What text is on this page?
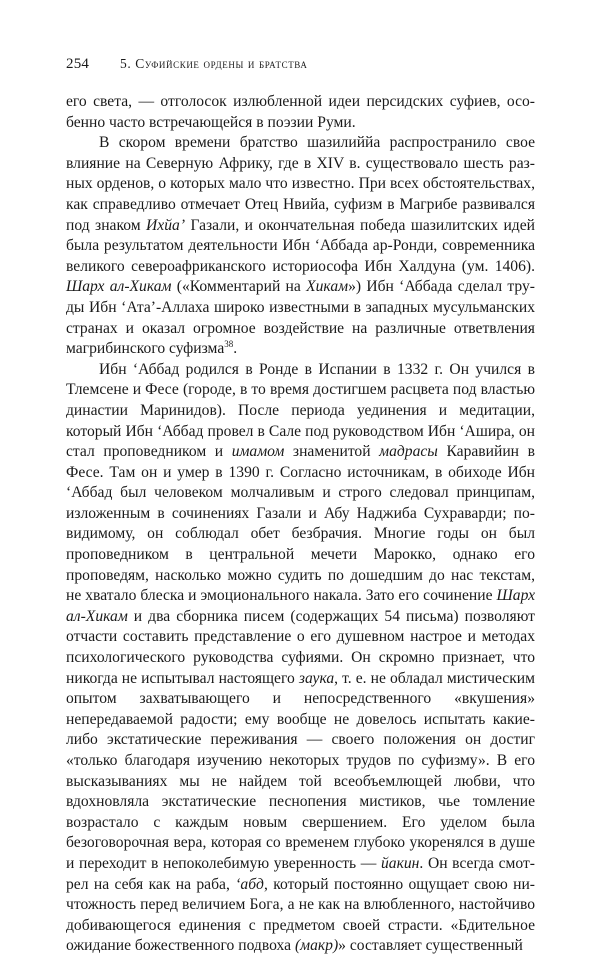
254 5. Суфийские ордены и братства

его света, — отголосок излюбленной идеи персидских суфиев, особенно часто встречающейся в поэзии Руми.

В скором времени братство шазилиййа распространило свое влияние на Северную Африку, где в XIV в. существовало шесть разных орденов, о которых мало что известно. При всех обстоятельствах, как справедливо отмечает Отец Нвийа, суфизм в Магрибе развивался под знаком Ихйа’ Газали, и окончательная победа шазилитских идей была результатом деятельности Ибн ‘Аббада ар-Ронди, современника великого североафриканского историософа Ибн Халдуна (ум. 1406). Шарх ал-Хикам («Комментарий на Хикам») Ибн ‘Аббада сделал труды Ибн ‘Ата’-Аллаха широко известными в западных мусульманских странах и оказал огромное воздействие на различные ответвления магрибинского суфизма$^{38}$.

Ибн ‘Аббад родился в Ронде в Испании в 1332 г. Он учился в Тлемсене и Фесе (городе, в то время достигшем расцвета под властью династии Маринидов). После периода уединения и медитации, который Ибн ‘Аббад провел в Сале под руководством Ибн ‘Ашира, он стал проповедником и имамом знаменитой мадрасы Каравийин в Фесе. Там он и умер в 1390 г. Согласно источникам, в обиходе Ибн ‘Аббад был человеком молчаливым и строго следовал принципам, изложенным в сочинениях Газали и Абу Наджиба Сухраварди; по-видимому, он соблюдал обет безбрачия. Многие годы он был проповедником в центральной мечети Марокко, однако его проповедям, насколько можно судить по дошедшим до нас текстам, не хватало блеска и эмоционального накала. Зато его сочинение Шарх ал-Хикам и два сборника писем (содержащих 54 письма) позволяют отчасти составить представление о его душевном настрое и методах психологического руководства суфиями. Он скромно признает, что никогда не испытывал настоящего заука, т. е. не обладал мистическим опытом захватывающего и непосредственного «вкушения» непередаваемой радости; ему вообще не довелось испытать какие-либо экстатические переживания — своего положения он достиг «только благодаря изучению некоторых трудов по суфизму». В его высказываниях мы не найдем той всеобъемлющей любви, что вдохновляла экстатические песнопения мистиков, чье томление возрастало с каждым новым свершением. Его уделом была безоговорочная вера, которая со временем глубоко укоренялся в душе и переходит в непоколебимую уверенность — йакин. Он всегда смотрел на себя как на раба, ‘абд, который постоянно ощущает свою ничтожность перед величием Бога, а не как на влюбленного, настойчиво добивающегося единения с предметом своей страсти. «Бдительное ожидание божественного подвоха (макр)» составляет существенный
